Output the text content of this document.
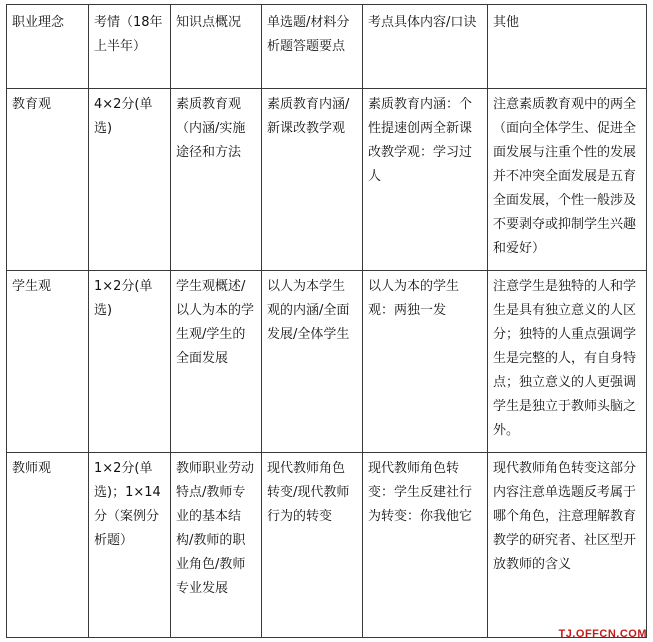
职业理念	考情（18年上半年）	知识点概况	单选题/材料分析题答题要点	考点具体内容/口诀	其他
教育观	4×2分(单选)	素质教育观（内涵/实施途径和方法	素质教育内涵/新课改教学观	素质教育内涵：个性提速创两全新课改教学观：学习过人	注意素质教育观中的两全（面向全体学生、促进全面发展与注重个性的发展并不冲突全面发展是五育全面发展，个性一般涉及不要剥夺或抑制学生兴趣和爱好）
学生观	1×2分(单选)	学生观概述/以人为本的学生观/学生的全面发展	以人为本学生观的内涵/全面发展/全体学生	以人为本的学生观：两独一发	注意学生是独特的人和学生是具有独立意义的人区分；独特的人重点强调学生是完整的人，有自身特点；独立意义的人更强调学生是独立于教师头脑之外。
教师观	1×2分(单选)；1×14分（案例分析题）	教师职业劳动特点/教师专业的基本结构/教师的职业角色/教师专业发展	现代教师角色转变/现代教师行为的转变	现代教师角色转变：学生反建社行为转变：你我他它	现代教师角色转变这部分内容注意单选题反考属于哪个角色，注意理解教育教学的研究者、社区型开放教师的含义
TJ.OFFCN.COM
